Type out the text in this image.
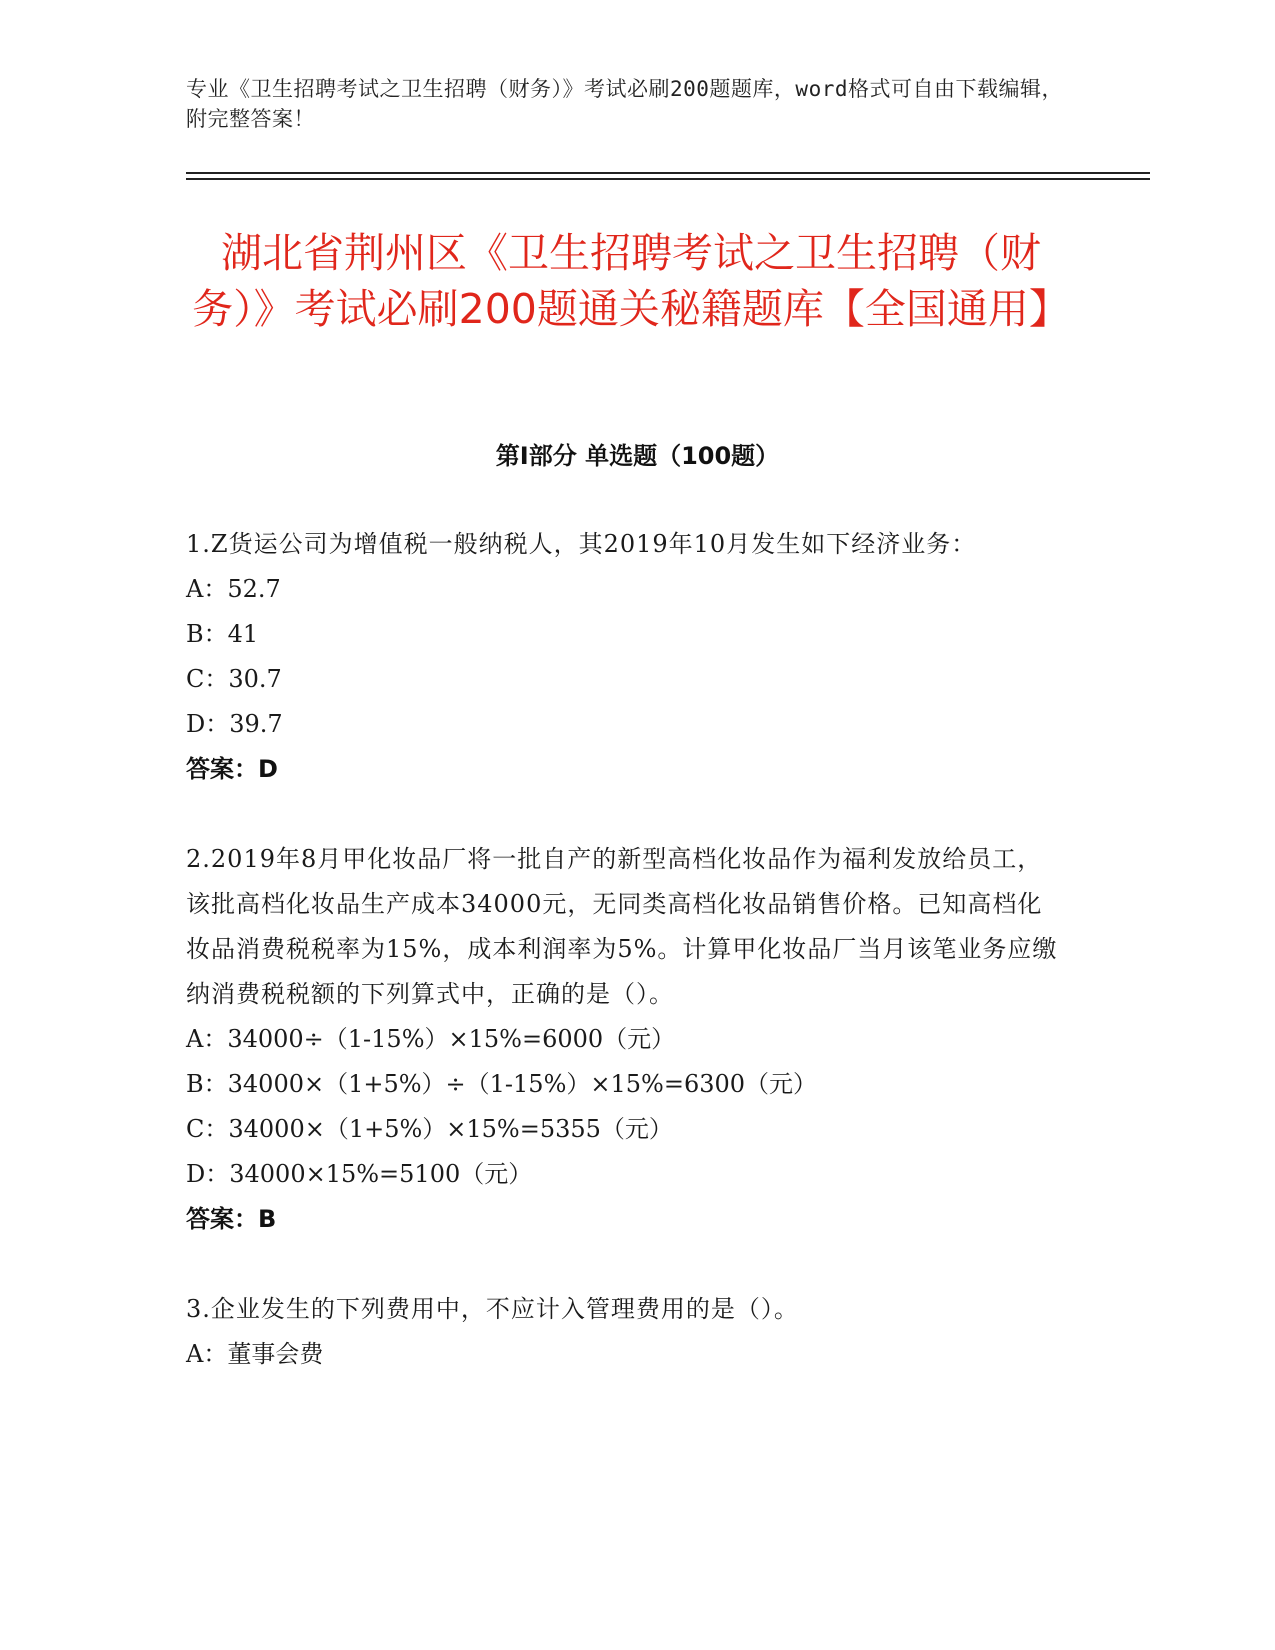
专业《卫生招聘考试之卫生招聘（财务）》考试必刷200题题库，word格式可自由下载编辑，附完整答案！
湖北省荆州区《卫生招聘考试之卫生招聘（财务）》考试必刷200题通关秘籍题库【全国通用】
第Ⅰ部分 单选题（100题）
1.Z货运公司为增值税一般纳税人，其2019年10月发生如下经济业务：
A：52.7
B：41
C：30.7
D：39.7
答案：D
2.2019年8月甲化妆品厂将一批自产的新型高档化妆品作为福利发放给员工，该批高档化妆品生产成本34000元，无同类高档化妆品销售价格。已知高档化妆品消费税税率为15%，成本利润率为5%。计算甲化妆品厂当月该笔业务应缴纳消费税税额的下列算式中，正确的是（）。
A：34000÷（1-15%）×15%=6000（元）
B：34000×（1+5%）÷（1-15%）×15%=6300（元）
C：34000×（1+5%）×15%=5355（元）
D：34000×15%=5100（元）
答案：B
3.企业发生的下列费用中，不应计入管理费用的是（）。
A：董事会费
